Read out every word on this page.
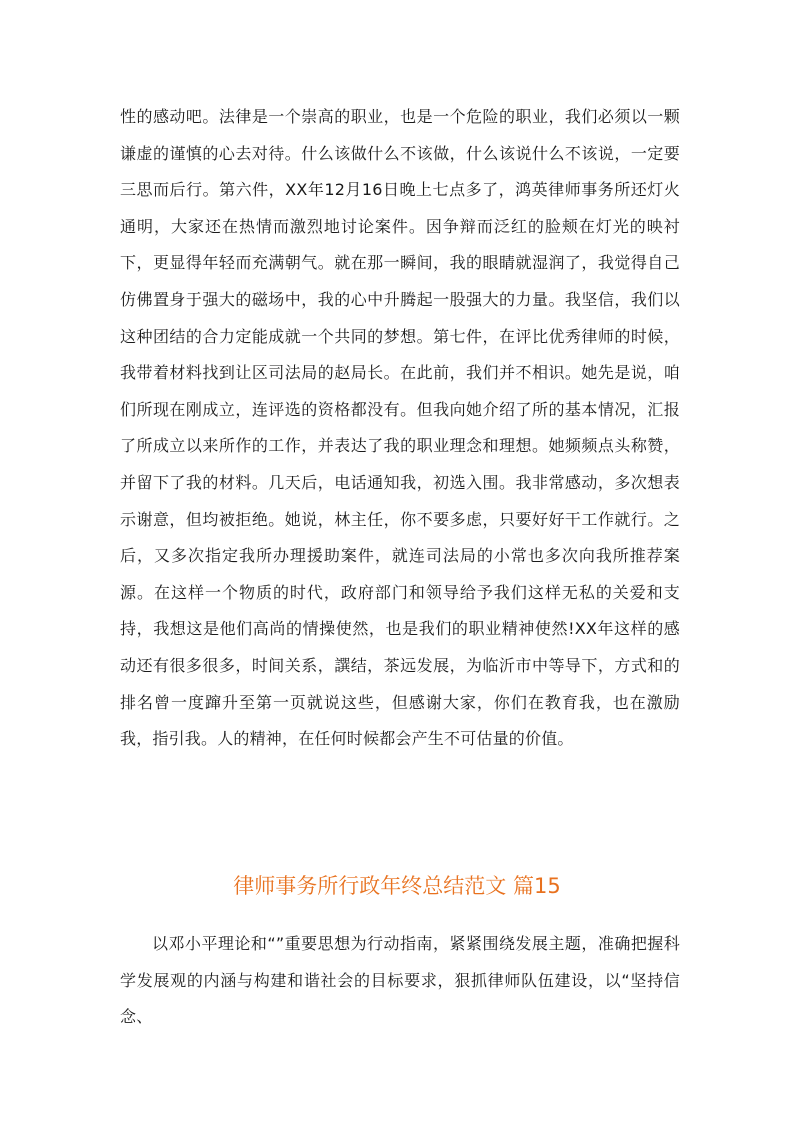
性的感动吧。法律是一个崇高的职业，也是一个危险的职业，我们必须以一颗谦虚的谨慎的心去对待。什么该做什么不该做，什么该说什么不该说，一定要三思而后行。第六件，XX年12月16日晚上七点多了，鸿英律师事务所还灯火通明，大家还在热情而激烈地讨论案件。因争辩而泛红的脸颊在灯光的映衬下，更显得年轻而充满朝气。就在那一瞬间，我的眼睛就湿润了，我觉得自己仿佛置身于强大的磁场中，我的心中升腾起一股强大的力量。我坚信，我们以这种团结的合力定能成就一个共同的梦想。第七件，在评比优秀律师的时候，我带着材料找到让区司法局的赵局长。在此前，我们并不相识。她先是说，咱们所现在刚成立，连评选的资格都没有。但我向她介绍了所的基本情况，汇报了所成立以来所作的工作，并表达了我的职业理念和理想。她频频点头称赞，并留下了我的材料。几天后，电话通知我，初选入围。我非常感动，多次想表示谢意，但均被拒绝。她说，林主任，你不要多虑，只要好好干工作就行。之后，又多次指定我所办理援助案件，就连司法局的小常也多次向我所推荐案源。在这样一个物质的时代，政府部门和领导给予我们这样无私的关爱和支持，我想这是他们高尚的情操使然，也是我们的职业精神使然!XX年这样的感动还有很多很多，时间关系，譔结，茶远发展，为临沂市中等导下，方式和的排名曾一度蹿升至第一页就说这些，但感谢大家，你们在教育我，也在激励我，指引我。人的精神，在任何时候都会产生不可估量的价值。

律师事务所行政年终总结范文 篇15

以邓小平理论和“”重要思想为行动指南，紧紧围绕发展主题，准确把握科学发展观的内涵与构建和谐社会的目标要求，狠抓律师队伍建设，以“坚持信念、
